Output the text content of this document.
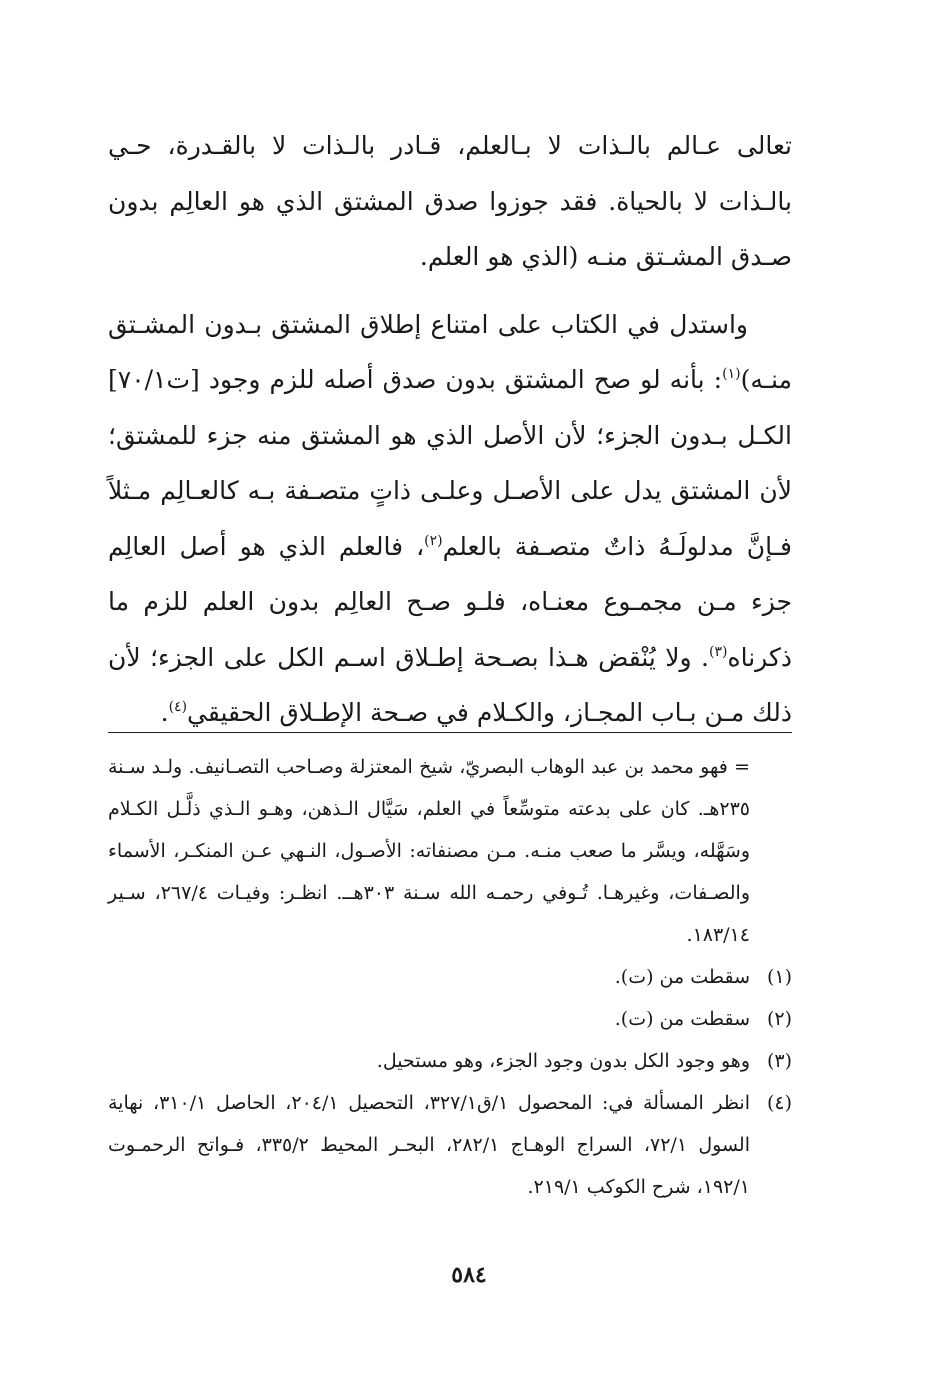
تعالى عـالم بالـذات لا بـالعلم، قـادر بالـذات لا بالقـدرة، حـي بالـذات لا بالحياة. فقد جوزوا صدق المشتق الذي هو العالِم بدون صـدق المشـتق منـه (الذي هو العلم.

واستدل في الكتاب على امتناع إطلاق المشتق بـدون المشـتق منـه)$^{(١)}$: بأنه لو صح المشتق بدون صدق أصله للزم وجود [ت٧٠/١] الكـل بـدون الجزء؛ لأن الأصل الذي هو المشتق منه جزء للمشتق؛ لأن المشتق يدل على الأصـل وعلـى ذاتٍ متصـفة بـه كالعـالِم مـثلاً فـإنَّ مدلولَـهُ ذاتٌ متصـفة بالعلم$^{(٢)}$، فالعلم الذي هو أصل العالِم جزء مـن مجمـوع معنـاه، فلـو صـح العالِم بدون العلم للزم ما ذكرناه$^{(٣)}$. ولا يُنْقض هـذا بصـحة إطـلاق اسـم الكل على الجزء؛ لأن ذلك مـن بـاب المجـاز، والكـلام في صـحة الإطـلاق الحقيقي$^{(٤)}$.

= فهو محمد بن عبد الوهاب البصريّ، شيخ المعتزلة وصـاحب التصـانيف. ولـد سـنة ٢٣٥هـ. كان على بدعته متوسِّعاً في العلم، سَيَّال الـذهن، وهـو الـذي ذلَّـل الكـلام وسَهَّله، ويسَّر ما صعب منـه. مـن مصنفاته: الأصـول، النـهي عـن المنكـر، الأسماء والصـفات، وغيرهـا. تُـوفي رحمـه الله سـنة ٣٠٣هــ. انظـر: وفيـات ٢٦٧/٤، سـير ١٨٣/١٤.

(١)
سقطت من (ت).
(٢)
سقطت من (ت).
(٣)
وهو وجود الكل بدون وجود الجزء، وهو مستحيل.
(٤)
انظر المسألة في: المحصول ١/ق٣٢٧/١، التحصيل ٢٠٤/١، الحاصل ٣١٠/١، نهاية السول ٧٢/١، السراج الوهـاج ٢٨٢/١، البحـر المحيط ٣٣٥/٢، فـواتح الرحمـوت ١٩٢/١، شرح الكوكب ٢١٩/١.
٥٨٤
